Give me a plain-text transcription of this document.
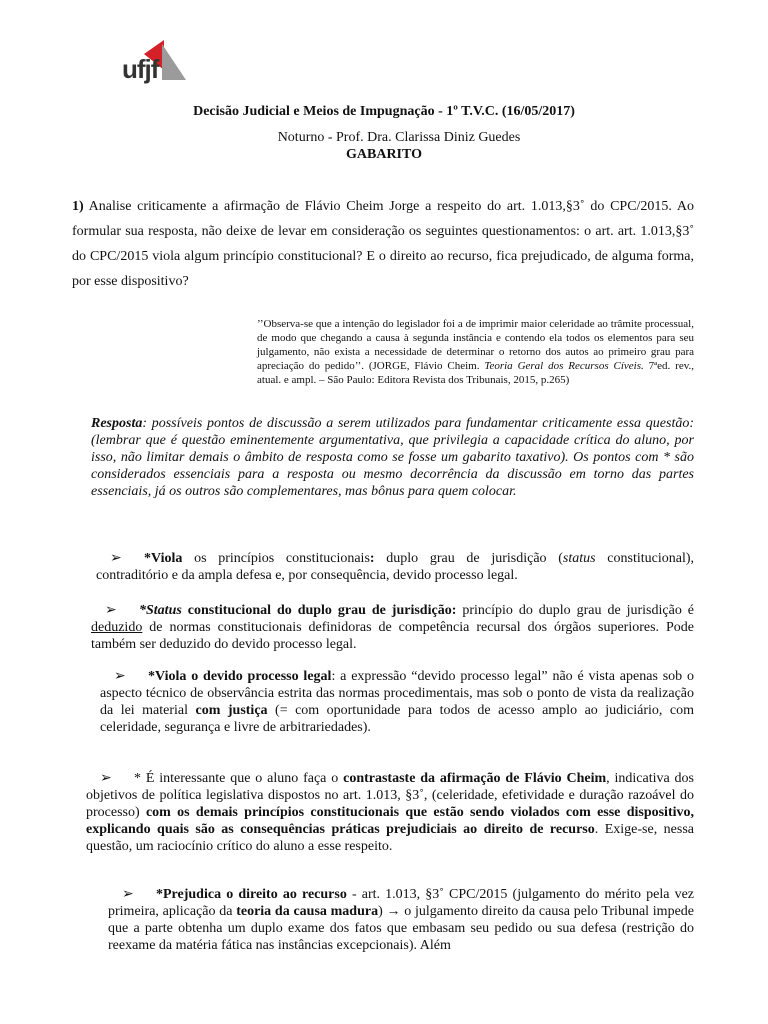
ufjf
Decisão Judicial e Meios de Impugnação - 1º T.V.C. (16/05/2017)
Noturno - Prof. Dra. Clarissa Diniz Guedes
GABARITO
1) Analise criticamente a afirmação de Flávio Cheim Jorge a respeito do art. 1.013,§3˚ do CPC/2015. Ao formular sua resposta, não deixe de levar em consideração os seguintes questionamentos: o art. art. 1.013,§3˚ do CPC/2015 viola algum princípio constitucional? E o direito ao recurso, fica prejudicado, de alguma forma, por esse dispositivo?
’’Observa-se que a intenção do legislador foi a de imprimir maior celeridade ao trâmite processual, de modo que chegando a causa à segunda instância e contendo ela todos os elementos para seu julgamento, não exista a necessidade de determinar o retorno dos autos ao primeiro grau para apreciação do pedido’’. (JORGE, Flávio Cheim. Teoria Geral dos Recursos Cíveis. 7ªed. rev., atual. e ampl. – São Paulo: Editora Revista dos Tribunais, 2015, p.265)
Resposta: possíveis pontos de discussão a serem utilizados para fundamentar criticamente essa questão: (lembrar que é questão eminentemente argumentativa, que privilegia a capacidade crítica do aluno, por isso, não limitar demais o âmbito de resposta como se fosse um gabarito taxativo). Os pontos com * são considerados essenciais para a resposta ou mesmo decorrência da discussão em torno das partes essenciais, já os outros são complementares, mas bônus para quem colocar.
➢ *Viola os princípios constitucionais: duplo grau de jurisdição (status constitucional), contraditório e da ampla defesa e, por consequência, devido processo legal.
➢ *Status constitucional do duplo grau de jurisdição: princípio do duplo grau de jurisdição é deduzido de normas constitucionais definidoras de competência recursal dos órgãos superiores. Pode também ser deduzido do devido processo legal.
➢ *Viola o devido processo legal: a expressão “devido processo legal” não é vista apenas sob o aspecto técnico de observância estrita das normas procedimentais, mas sob o ponto de vista da realização da lei material com justiça (= com oportunidade para todos de acesso amplo ao judiciário, com celeridade, segurança e livre de arbitrariedades).
➢ * É interessante que o aluno faça o contrastaste da afirmação de Flávio Cheim, indicativa dos objetivos de política legislativa dispostos no art. 1.013, §3˚, (celeridade, efetividade e duração razoável do processo) com os demais princípios constitucionais que estão sendo violados com esse dispositivo, explicando quais são as consequências práticas prejudiciais ao direito de recurso. Exige-se, nessa questão, um raciocínio crítico do aluno a esse respeito.
➢ *Prejudica o direito ao recurso - art. 1.013, §3˚ CPC/2015 (julgamento do mérito pela vez primeira, aplicação da teoria da causa madura) → o julgamento direito da causa pelo Tribunal impede que a parte obtenha um duplo exame dos fatos que embasam seu pedido ou sua defesa (restrição do reexame da matéria fática nas instâncias excepcionais). Além
